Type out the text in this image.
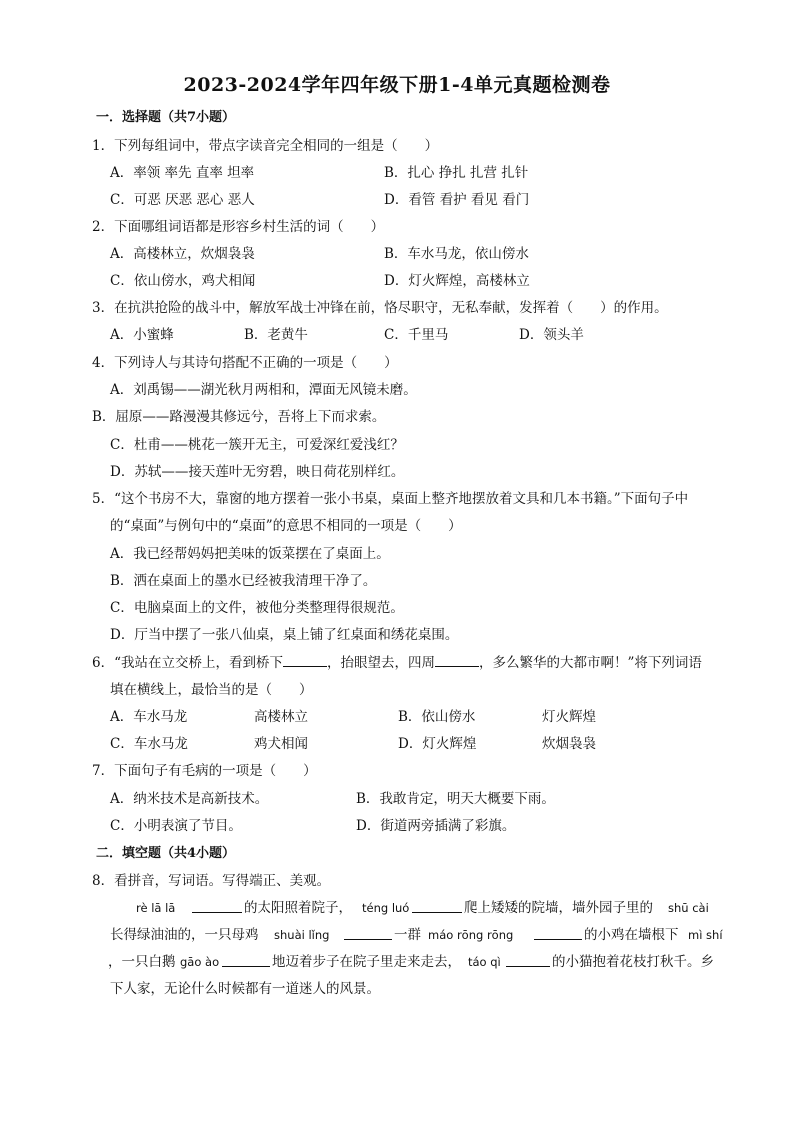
2023-2024学年四年级下册1-4单元真题检测卷
一．选择题（共7小题）
1．下列每组词中，带点字读音完全相同的一组是（　　）
A．率领 率先 直率 坦率	B．扎心 挣扎 扎营 扎针
C．可恶 厌恶 恶心 恶人	D．看管 看护 看见 看门
2．下面哪组词语都是形容乡村生活的词（　　）
A．高楼林立，炊烟袅袅	B．车水马龙，依山傍水
C．依山傍水，鸡犬相闻	D．灯火辉煌，高楼林立
3．在抗洪抢险的战斗中，解放军战士冲锋在前，恪尽职守，无私奉献，发挥着（　　）的作用。
A．小蜜蜂	B．老黄牛	C．千里马	D．领头羊
4．下列诗人与其诗句搭配不正确的一项是（　　）
A．刘禹锡——湖光秋月两相和，潭面无风镜未磨。
B．屈原——路漫漫其修远兮，吾将上下而求索。
C．杜甫——桃花一簇开无主，可爱深红爱浅红？
D．苏轼——接天莲叶无穷碧，映日荷花别样红。
5．“这个书房不大，靠窗的地方摆着一张小书桌，桌面上整齐地摆放着文具和几本书籍。”下面句子中
的“桌面”与例句中的“桌面”的意思不相同的一项是（　　）
A．我已经帮妈妈把美味的饭菜摆在了桌面上。
B．洒在桌面上的墨水已经被我清理干净了。
C．电脑桌面上的文件，被他分类整理得很规范。
D．厅当中摆了一张八仙桌，桌上铺了红桌面和绣花桌围。
6．“我站在立交桥上，看到桥下	，抬眼望去，四周	，多么繁华的大都市啊！”将下列词语
填在横线上，最恰当的是（　　）
A．车水马龙	高楼林立	B．依山傍水	灯火辉煌
C．车水马龙	鸡犬相闻	D．灯火辉煌	炊烟袅袅
7．下面句子有毛病的一项是（　　）
A．纳米技术是高新技术。	B．我敢肯定，明天大概要下雨。
C．小明表演了节目。	D．街道两旁插满了彩旗。
二．填空题（共4小题）
8．看拼音，写词语。写得端正、美观。
rè lā lā	的太阳照着院子， téng luó	爬上矮矮的院墙，墙外园子里的 shū cài
长得绿油油的，一只母鸡 shuài lǐng	一群 máo rōng rōng	的小鸡在墙根下 mì shí
，一只白鹅 gāo ào	地迈着步子在院子里走来走去， táo qì	的小猫抱着花枝打秋千。乡
下人家，无论什么时候都有一道迷人的风景。
